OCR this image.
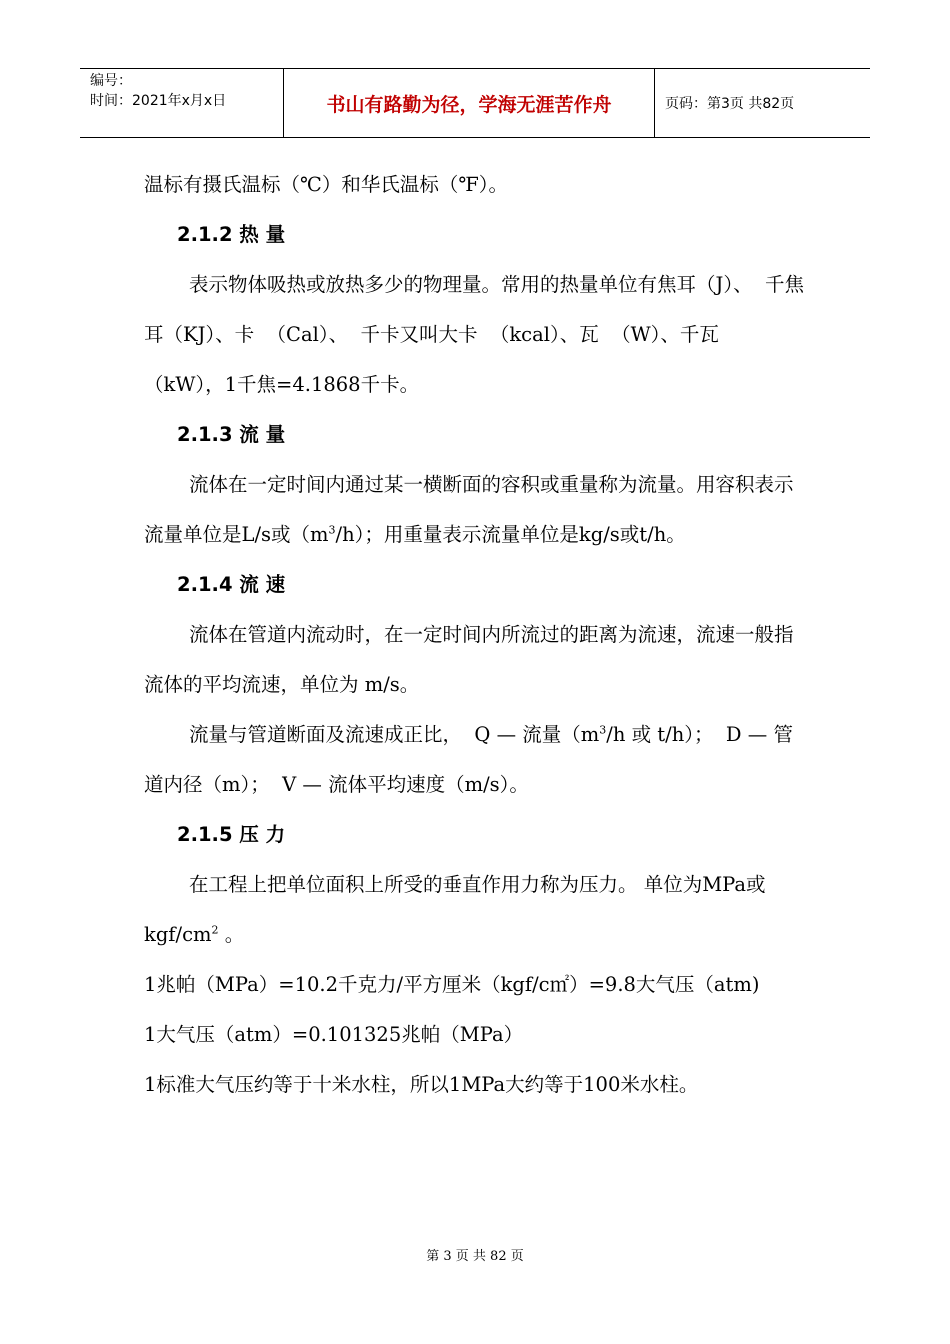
编号：
时间：2021年x月x日	书山有路勤为径，学海无涯苦作舟	页码：第3页 共82页

温标有摄氏温标（℃）和华氏温标（℉）。

2.1.2 热 量

表示物体吸热或放热多少的物理量。常用的热量单位有焦耳（J）、  千焦耳（KJ）、卡  （Cal）、  千卡又叫大卡  （kcal）、瓦  （W）、千瓦  （kW），1千焦=4.1868千卡。

2.1.3 流 量

流体在一定时间内通过某一横断面的容积或重量称为流量。用容积表示流量单位是L/s或$(m^3/h)$；用重量表示流量单位是kg/s或t/h。

2.1.4 流 速

流体在管道内流动时，在一定时间内所流过的距离为流速，流速一般指流体的平均流速，单位为 m/s。

流量与管道断面及流速成正比，  Q — 流量（$m^3/h$ 或 t/h）；  D — 管道内径（m）；  V — 流体平均速度（m/s）。

2.1.5 压 力

在工程上把单位面积上所受的垂直作用力称为压力。 单位为MPa或kgf/$cm^2$ 。

1兆帕（MPa）=10.2千克力/平方厘米（kgf/c㎡）=9.8大气压（atm)

1大气压（atm）=0.101325兆帕（MPa）

1标准大气压约等于十米水柱，所以1MPa大约等于100米水柱。

第 3 页 共 82 页
